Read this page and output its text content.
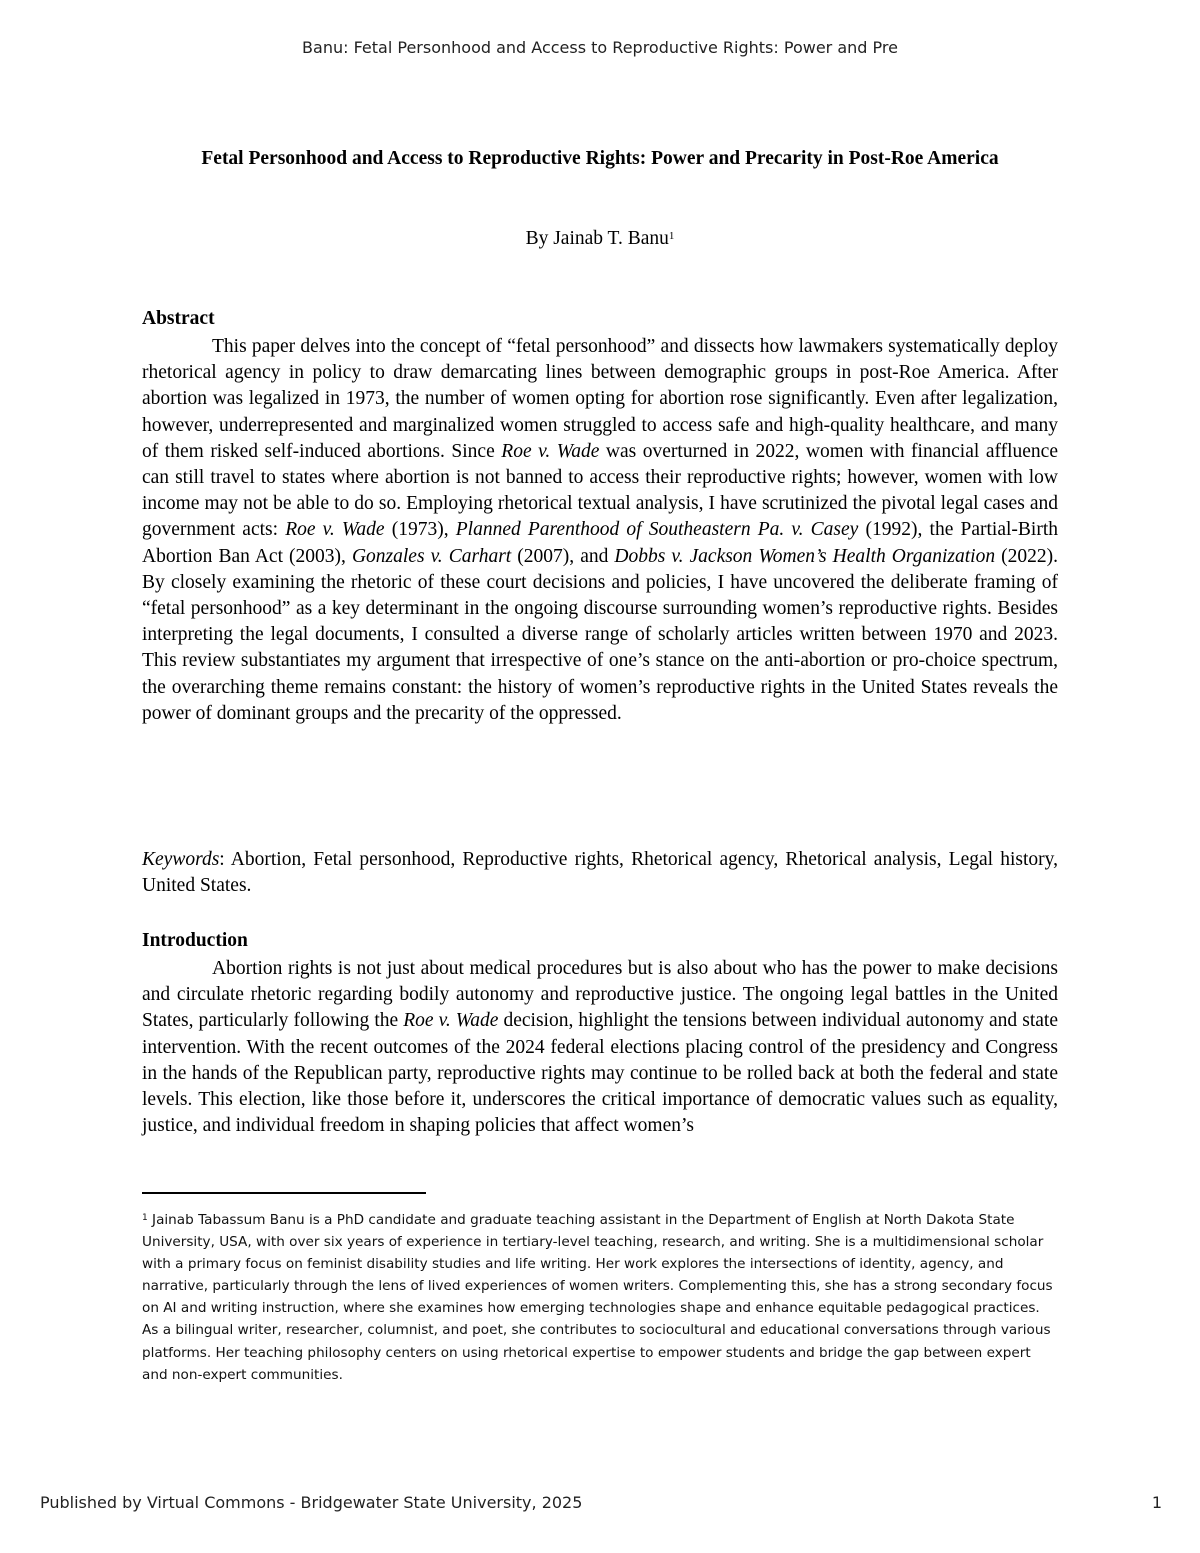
Banu: Fetal Personhood and Access to Reproductive Rights: Power and Pre
Fetal Personhood and Access to Reproductive Rights: Power and Precarity in Post-Roe America
By Jainab T. Banu$^1$
Abstract
This paper delves into the concept of “fetal personhood” and dissects how lawmakers systematically deploy rhetorical agency in policy to draw demarcating lines between demographic groups in post-Roe America. After abortion was legalized in 1973, the number of women opting for abortion rose significantly. Even after legalization, however, underrepresented and marginalized women struggled to access safe and high-quality healthcare, and many of them risked self-induced abortions. Since Roe v. Wade was overturned in 2022, women with financial affluence can still travel to states where abortion is not banned to access their reproductive rights; however, women with low income may not be able to do so. Employing rhetorical textual analysis, I have scrutinized the pivotal legal cases and government acts: Roe v. Wade (1973), Planned Parenthood of Southeastern Pa. v. Casey (1992), the Partial-Birth Abortion Ban Act (2003), Gonzales v. Carhart (2007), and Dobbs v. Jackson Women’s Health Organization (2022). By closely examining the rhetoric of these court decisions and policies, I have uncovered the deliberate framing of “fetal personhood” as a key determinant in the ongoing discourse surrounding women’s reproductive rights. Besides interpreting the legal documents, I consulted a diverse range of scholarly articles written between 1970 and 2023. This review substantiates my argument that irrespective of one’s stance on the anti-abortion or pro-choice spectrum, the overarching theme remains constant: the history of women’s reproductive rights in the United States reveals the power of dominant groups and the precarity of the oppressed.
Keywords: Abortion, Fetal personhood, Reproductive rights, Rhetorical agency, Rhetorical analysis, Legal history, United States.
Introduction
Abortion rights is not just about medical procedures but is also about who has the power to make decisions and circulate rhetoric regarding bodily autonomy and reproductive justice. The ongoing legal battles in the United States, particularly following the Roe v. Wade decision, highlight the tensions between individual autonomy and state intervention. With the recent outcomes of the 2024 federal elections placing control of the presidency and Congress in the hands of the Republican party, reproductive rights may continue to be rolled back at both the federal and state levels. This election, like those before it, underscores the critical importance of democratic values such as equality, justice, and individual freedom in shaping policies that affect women’s
$^1$ Jainab Tabassum Banu is a PhD candidate and graduate teaching assistant in the Department of English at North Dakota State University, USA, with over six years of experience in tertiary-level teaching, research, and writing. She is a multidimensional scholar with a primary focus on feminist disability studies and life writing. Her work explores the intersections of identity, agency, and narrative, particularly through the lens of lived experiences of women writers. Complementing this, she has a strong secondary focus on AI and writing instruction, where she examines how emerging technologies shape and enhance equitable pedagogical practices. As a bilingual writer, researcher, columnist, and poet, she contributes to sociocultural and educational conversations through various platforms. Her teaching philosophy centers on using rhetorical expertise to empower students and bridge the gap between expert and non-expert communities.
Published by Virtual Commons - Bridgewater State University, 2025	1
